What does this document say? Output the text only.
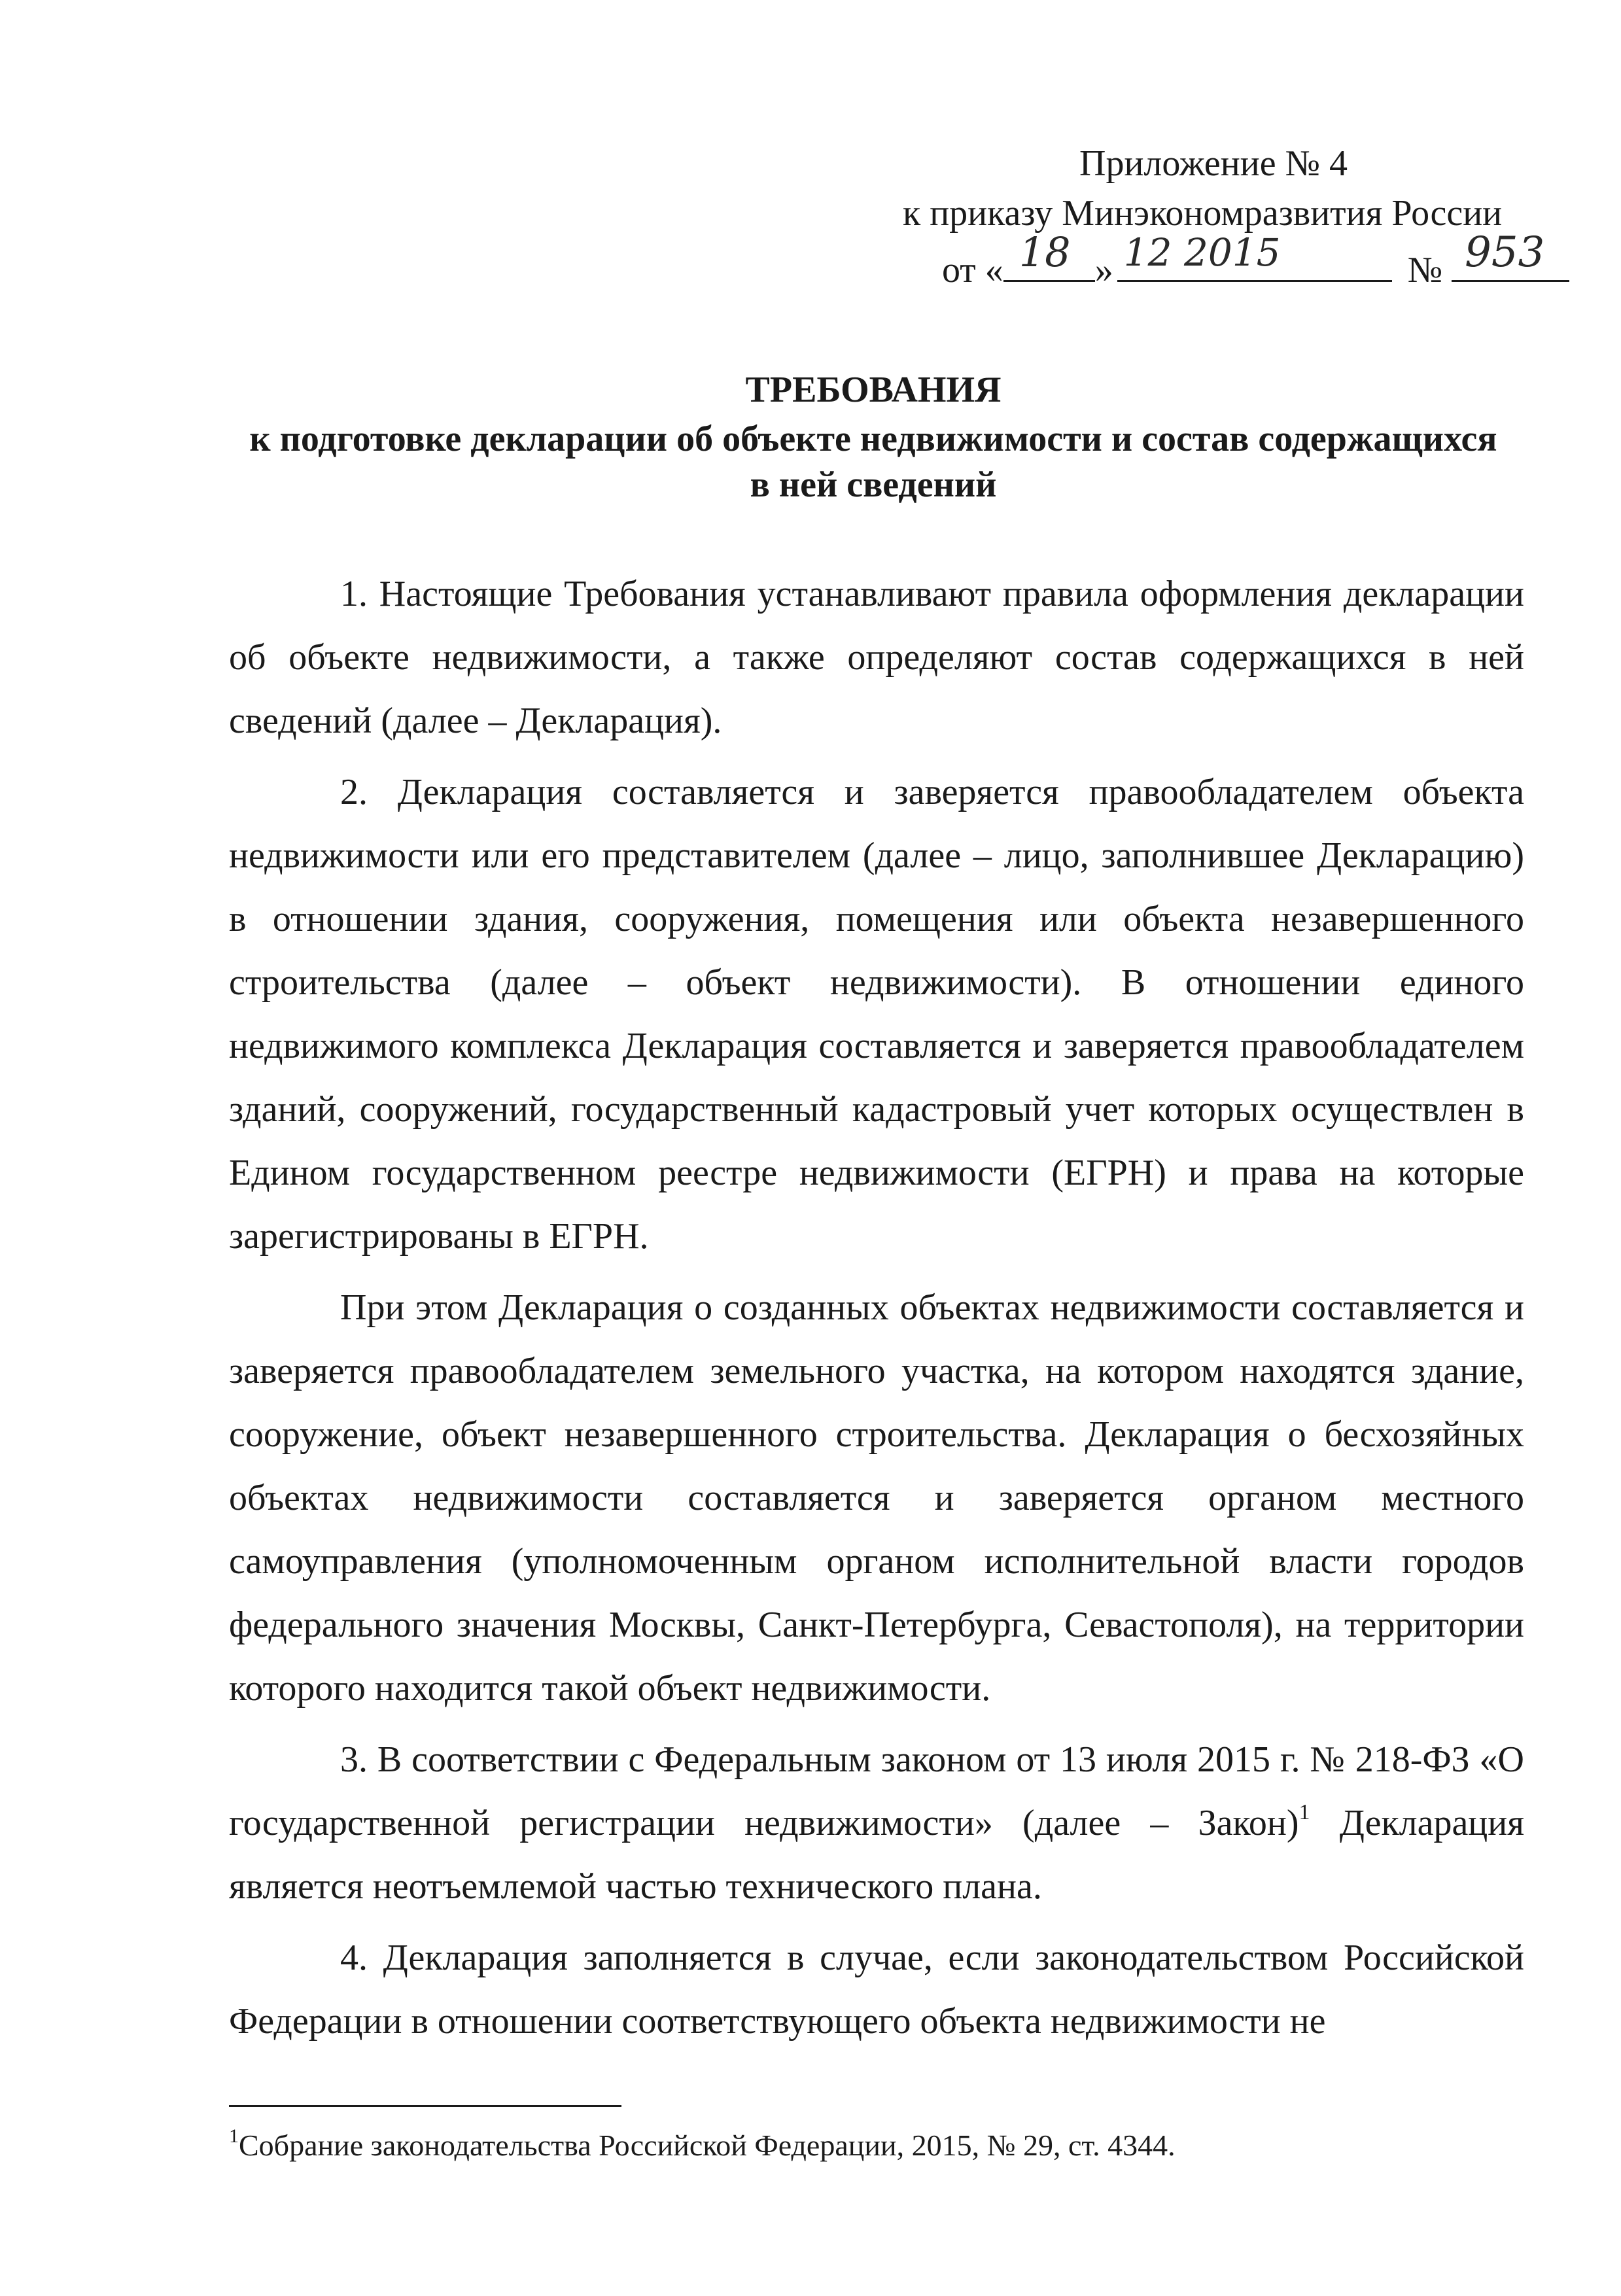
Приложение № 4
к приказу Минэкономразвития России
от « 18 » 12 2015	№ 953
ТРЕБОВАНИЯ
к подготовке декларации об объекте недвижимости и состав содержащихся
в ней сведений

1. Настоящие Требования устанавливают правила оформления декларации об объекте недвижимости, а также определяют состав содержащихся в ней сведений (далее – Декларация).

2. Декларация составляется и заверяется правообладателем объекта недвижимости или его представителем (далее – лицо, заполнившее Декларацию) в отношении здания, сооружения, помещения или объекта незавершенного строительства (далее – объект недвижимости). В отношении единого недвижимого комплекса Декларация составляется и заверяется правообладателем зданий, сооружений, государственный кадастровый учет которых осуществлен в Едином государственном реестре недвижимости (ЕГРН) и права на которые зарегистрированы в ЕГРН.

При этом Декларация о созданных объектах недвижимости составляется и заверяется правообладателем земельного участка, на котором находятся здание, сооружение, объект незавершенного строительства. Декларация о бесхозяйных объектах недвижимости составляется и заверяется органом местного самоуправления (уполномоченным органом исполнительной власти городов федерального значения Москвы, Санкт-Петербурга, Севастополя), на территории которого находится такой объект недвижимости.

3. В соответствии с Федеральным законом от 13 июля 2015 г. № 218-ФЗ «О государственной регистрации недвижимости» (далее – Закон)$^1$ Декларация является неотъемлемой частью технического плана.

4. Декларация заполняется в случае, если законодательством Российской Федерации в отношении соответствующего объекта недвижимости не

$^1$Собрание законодательства Российской Федерации, 2015, № 29, ст. 4344.
